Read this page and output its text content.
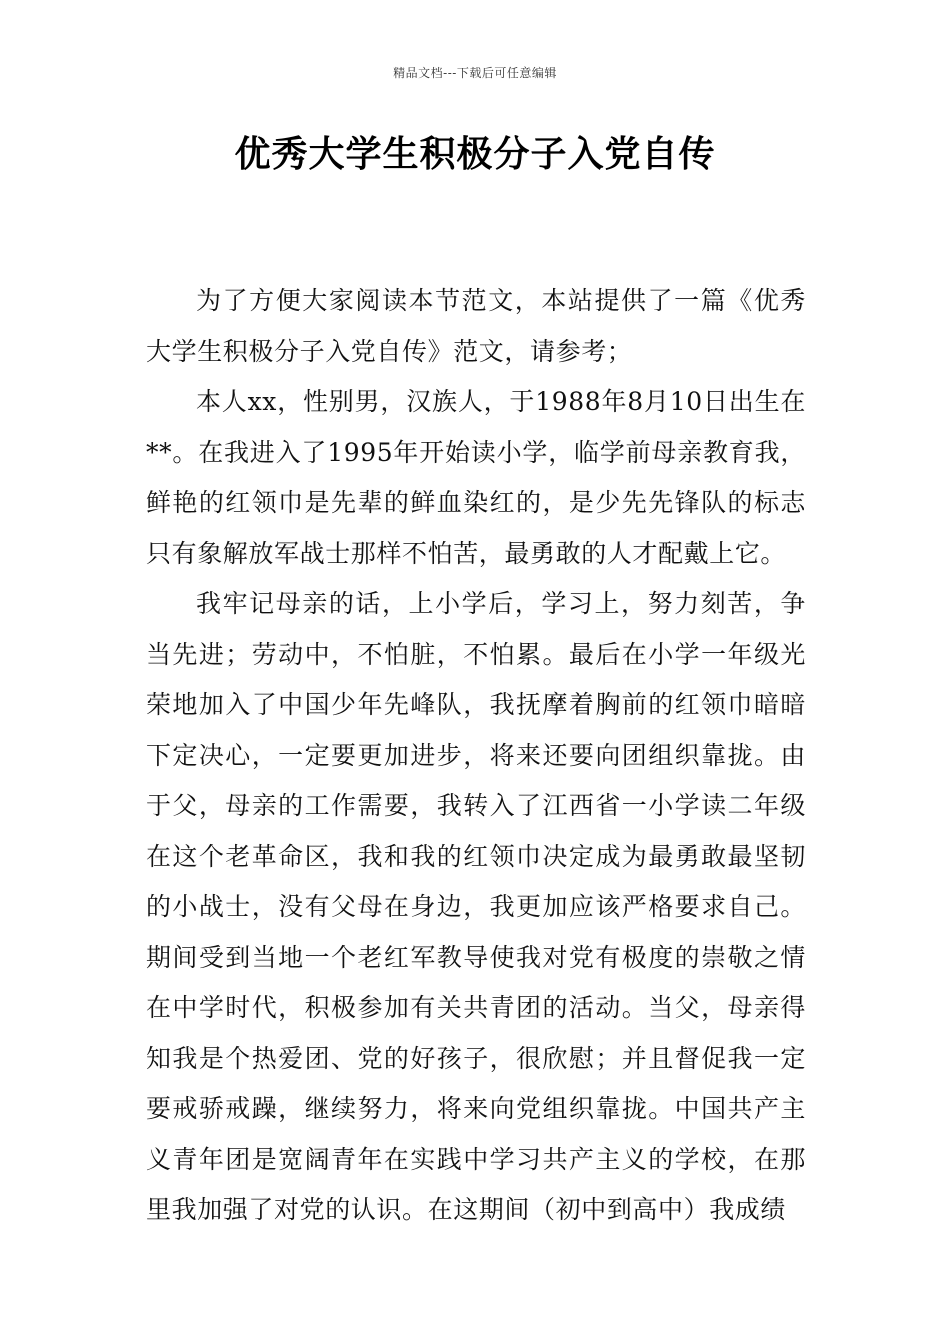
精品文档---下载后可任意编辑
优秀大学生积极分子入党自传

为了方便大家阅读本节范文，本站提供了一篇《优秀大学生积极分子入党自传》范文，请参考；

本人xx，性别男，汉族人，于1988年8月10日出生在**。在我进入了1995年开始读小学，临学前母亲教育我，鲜艳的红领巾是先辈的鲜血染红的，是少先先锋队的标志只有象解放军战士那样不怕苦，最勇敢的人才配戴上它。

我牢记母亲的话，上小学后，学习上，努力刻苦，争当先进；劳动中，不怕脏，不怕累。最后在小学一年级光荣地加入了中国少年先峰队，我抚摩着胸前的红领巾暗暗下定决心，一定要更加进步，将来还要向团组织靠拢。由于父，母亲的工作需要，我转入了江西省一小学读二年级在这个老革命区，我和我的红领巾决定成为最勇敢最坚韧的小战士，没有父母在身边，我更加应该严格要求自己。期间受到当地一个老红军教导使我对党有极度的崇敬之情在中学时代，积极参加有关共青团的活动。当父，母亲得知我是个热爱团、党的好孩子，很欣慰；并且督促我一定要戒骄戒躁，继续努力，将来向党组织靠拢。中国共产主义青年团是宽阔青年在实践中学习共产主义的学校，在那里我加强了对党的认识。在这期间（初中到高中）我成绩
